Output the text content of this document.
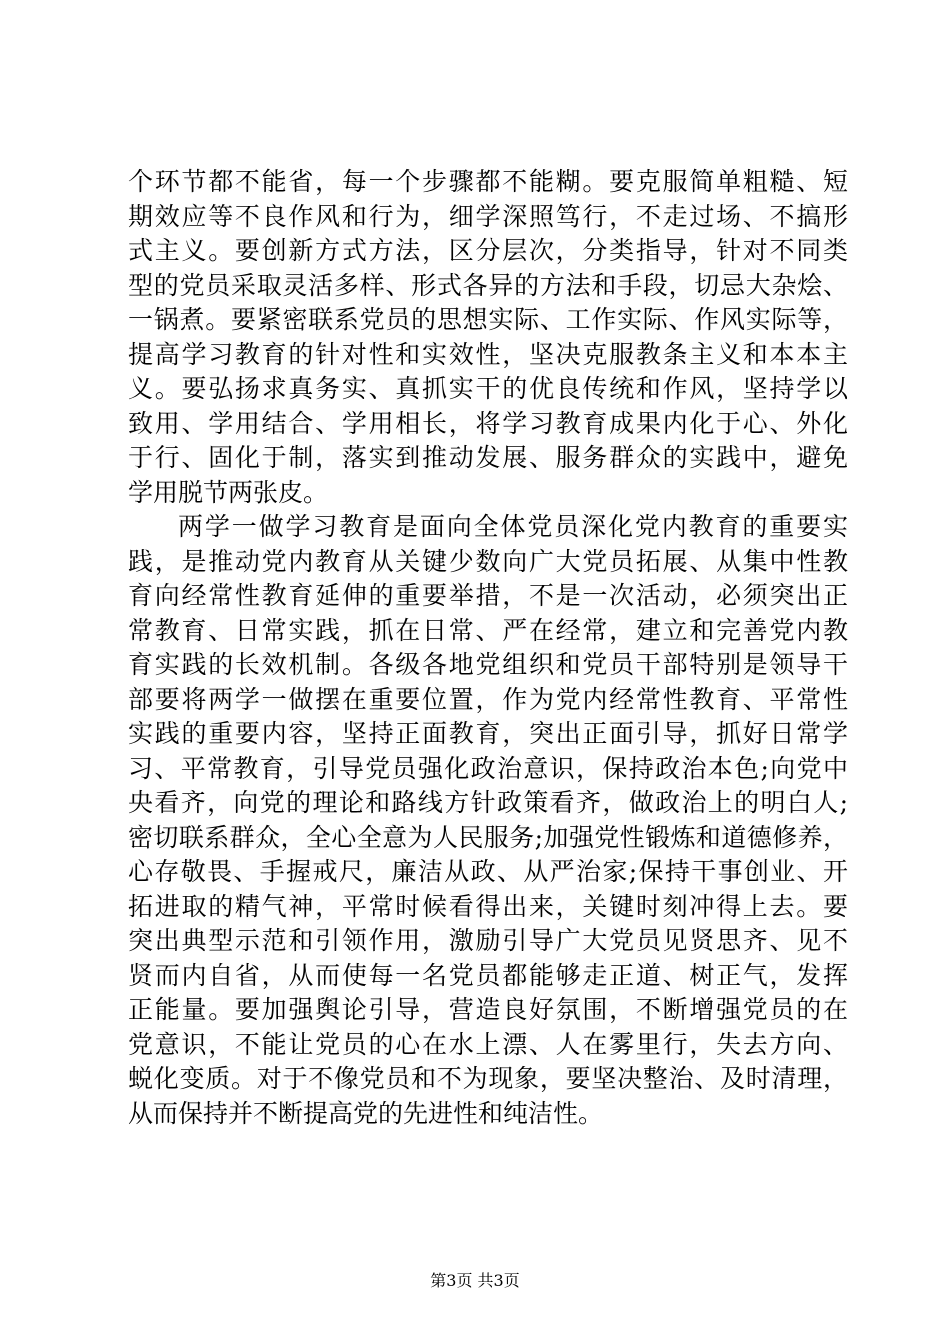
个环节都不能省，每一个步骤都不能糊。要克服简单粗糙、短
期效应等不良作风和行为，细学深照笃行，不走过场、不搞形
式主义。要创新方式方法，区分层次，分类指导，针对不同类
型的党员采取灵活多样、形式各异的方法和手段，切忌大杂烩、
一锅煮。要紧密联系党员的思想实际、工作实际、作风实际等，
提高学习教育的针对性和实效性，坚决克服教条主义和本本主
义。要弘扬求真务实、真抓实干的优良传统和作风，坚持学以
致用、学用结合、学用相长，将学习教育成果内化于心、外化
于行、固化于制，落实到推动发展、服务群众的实践中，避免
学用脱节两张皮。
两学一做学习教育是面向全体党员深化党内教育的重要实
践，是推动党内教育从关键少数向广大党员拓展、从集中性教
育向经常性教育延伸的重要举措，不是一次活动，必须突出正
常教育、日常实践，抓在日常、严在经常，建立和完善党内教
育实践的长效机制。各级各地党组织和党员干部特别是领导干
部要将两学一做摆在重要位置，作为党内经常性教育、平常性
实践的重要内容，坚持正面教育，突出正面引导，抓好日常学
习、平常教育，引导党员强化政治意识，保持政治本色;向党中
央看齐，向党的理论和路线方针政策看齐，做政治上的明白人;
密切联系群众，全心全意为人民服务;加强党性锻炼和道德修养，
心存敬畏、手握戒尺，廉洁从政、从严治家;保持干事创业、开
拓进取的精气神，平常时候看得出来，关键时刻冲得上去。要
突出典型示范和引领作用，激励引导广大党员见贤思齐、见不
贤而内自省，从而使每一名党员都能够走正道、树正气，发挥
正能量。要加强舆论引导，营造良好氛围，不断增强党员的在
党意识，不能让党员的心在水上漂、人在雾里行，失去方向、
蜕化变质。对于不像党员和不为现象，要坚决整治、及时清理，
从而保持并不断提高党的先进性和纯洁性。
第3页 共3页
